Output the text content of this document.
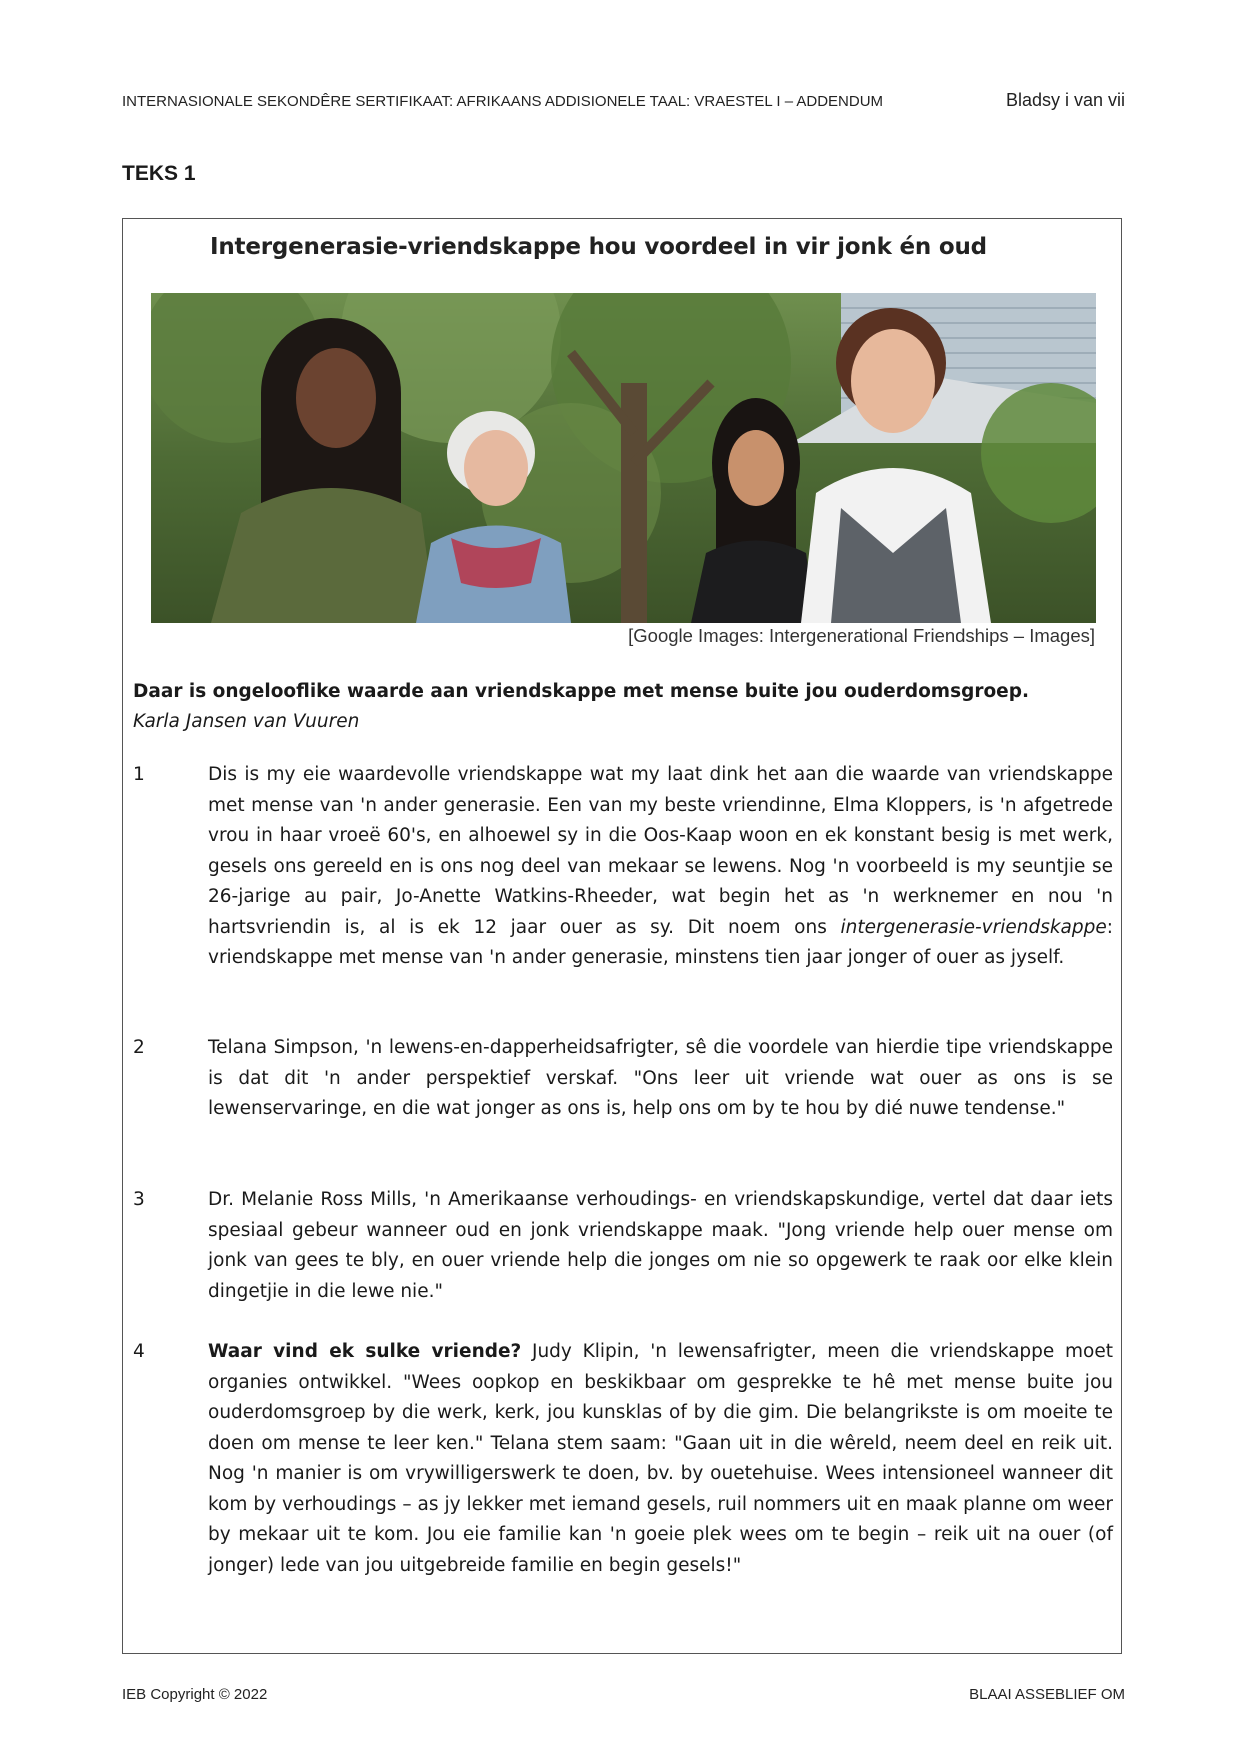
INTERNASIONALE SEKONDÊRE SERTIFIKAAT: AFRIKAANS ADDISIONELE TAAL: VRAESTEL I – ADDENDUM	Bladsy i van vii
TEKS 1
Intergenerasie-vriendskappe hou voordeel in vir jonk én oud
[Google Images: Intergenerational Friendships – Images]
Daar is ongelooflike waarde aan vriendskappe met mense buite jou ouderdomsgroep.
Karla Jansen van Vuuren
1	Dis is my eie waardevolle vriendskappe wat my laat dink het aan die waarde van vriendskappe met mense van 'n ander generasie. Een van my beste vriendinne, Elma Kloppers, is 'n afgetrede vrou in haar vroeë 60's, en alhoewel sy in die Oos-Kaap woon en ek konstant besig is met werk, gesels ons gereeld en is ons nog deel van mekaar se lewens. Nog 'n voorbeeld is my seuntjie se 26-jarige au pair, Jo-Anette Watkins-Rheeder, wat begin het as 'n werknemer en nou 'n hartsvriendin is, al is ek 12 jaar ouer as sy. Dit noem ons intergenerasie-vriendskappe: vriendskappe met mense van 'n ander generasie, minstens tien jaar jonger of ouer as jyself.
2	Telana Simpson, 'n lewens-en-dapperheidsafrigter, sê die voordele van hierdie tipe vriendskappe is dat dit 'n ander perspektief verskaf. "Ons leer uit vriende wat ouer as ons is se lewenservaringe, en die wat jonger as ons is, help ons om by te hou by dié nuwe tendense."
3	Dr. Melanie Ross Mills, 'n Amerikaanse verhoudings- en vriendskapskundige, vertel dat daar iets spesiaal gebeur wanneer oud en jonk vriendskappe maak. "Jong vriende help ouer mense om jonk van gees te bly, en ouer vriende help die jonges om nie so opgewerk te raak oor elke klein dingetjie in die lewe nie."
4	Waar vind ek sulke vriende? Judy Klipin, 'n lewensafrigter, meen die vriendskappe moet organies ontwikkel. "Wees oopkop en beskikbaar om gesprekke te hê met mense buite jou ouderdomsgroep by die werk, kerk, jou kunsklas of by die gim. Die belangrikste is om moeite te doen om mense te leer ken." Telana stem saam: "Gaan uit in die wêreld, neem deel en reik uit. Nog 'n manier is om vrywilligerswerk te doen, bv. by ouetehuise. Wees intensioneel wanneer dit kom by verhoudings – as jy lekker met iemand gesels, ruil nommers uit en maak planne om weer by mekaar uit te kom. Jou eie familie kan 'n goeie plek wees om te begin – reik uit na ouer (of jonger) lede van jou uitgebreide familie en begin gesels!"
IEB Copyright © 2022	BLAAI ASSEBLIEF OM
